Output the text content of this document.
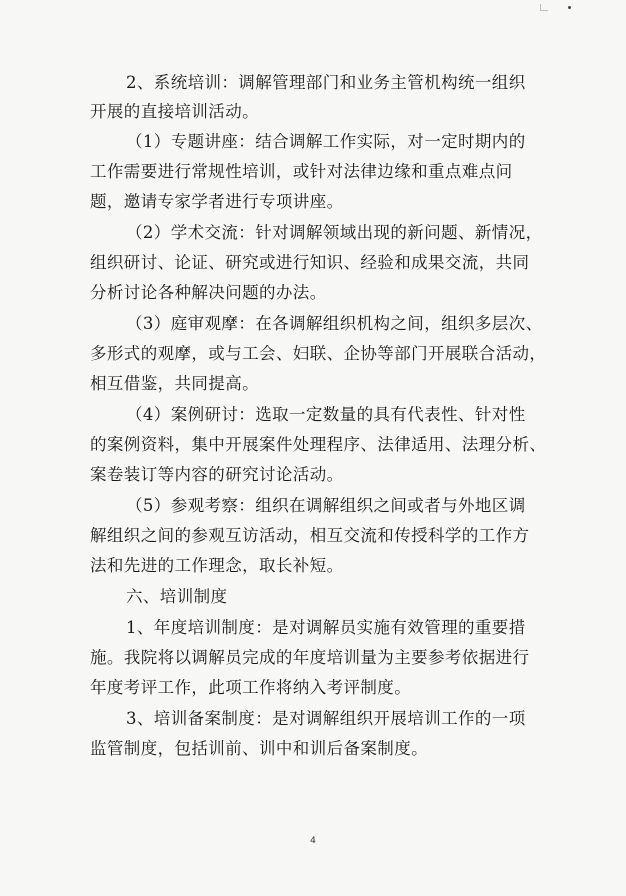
2、系统培训：调解管理部门和业务主管机构统一组织
开展的直接培训活动。
（1）专题讲座：结合调解工作实际，对一定时期内的
工作需要进行常规性培训，或针对法律边缘和重点难点问
题，邀请专家学者进行专项讲座。
（2）学术交流：针对调解领域出现的新问题、新情况，
组织研讨、论证、研究或进行知识、经验和成果交流，共同
分析讨论各种解决问题的办法。
（3）庭审观摩：在各调解组织机构之间，组织多层次、
多形式的观摩，或与工会、妇联、企协等部门开展联合活动，
相互借鉴，共同提高。
（4）案例研讨：选取一定数量的具有代表性、针对性
的案例资料，集中开展案件处理程序、法律适用、法理分析、
案卷装订等内容的研究讨论活动。
（5）参观考察：组织在调解组织之间或者与外地区调
解组织之间的参观互访活动，相互交流和传授科学的工作方
法和先进的工作理念，取长补短。
六、培训制度
1、年度培训制度：是对调解员实施有效管理的重要措
施。我院将以调解员完成的年度培训量为主要参考依据进行
年度考评工作，此项工作将纳入考评制度。
3、培训备案制度：是对调解组织开展培训工作的一项
监管制度，包括训前、训中和训后备案制度。
4
